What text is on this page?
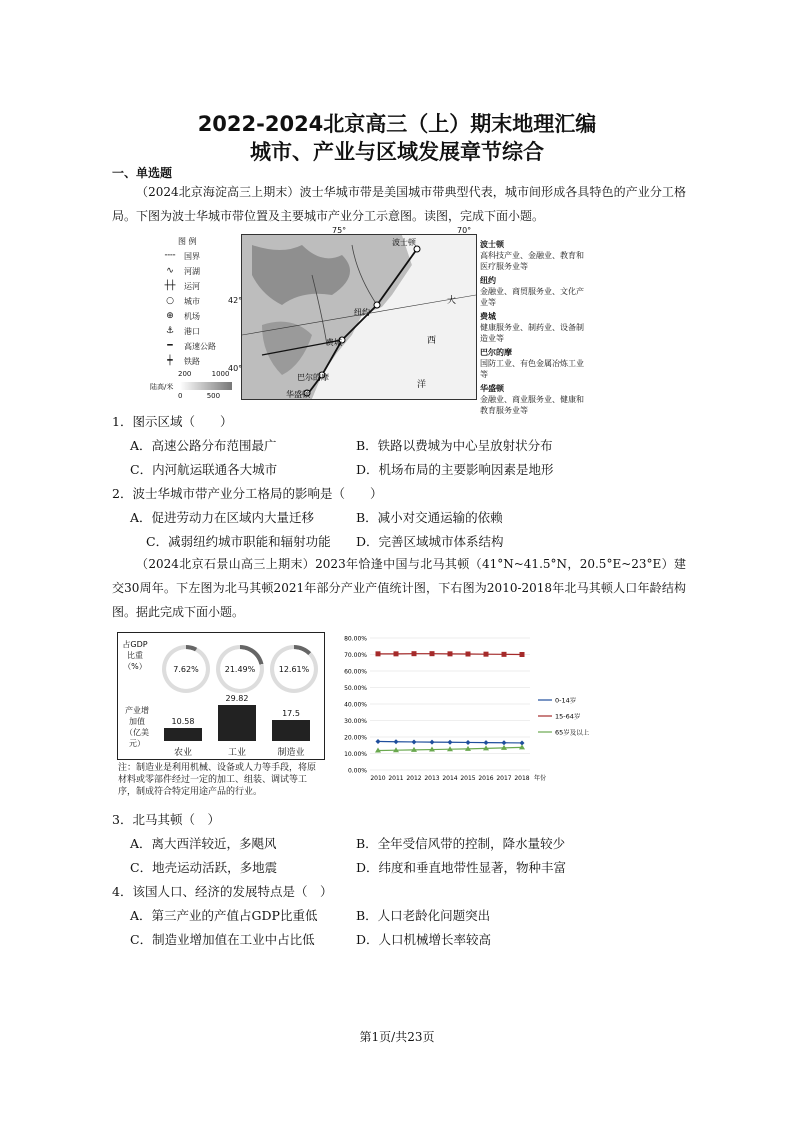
2022-2024北京高三（上）期末地理汇编
城市、产业与区域发展章节综合
一、单选题
（2024北京海淀高三上期末）波士华城市带是美国城市带典型代表，城市间形成各具特色的产业分工格局。下图为波士华城市带位置及主要城市产业分工示意图。读图，完成下面小题。
图 例
╌╌	国界
∿	河湖
┼┼	运河
○	城市
⊕	机场
⚓	港口
━	高速公路
┿	铁路
200	1000
陆高/米
0	500
波士顿
纽约
费城
巴尔的摩
华盛顿
大
西
洋
75°	70°
42°
40°
波士顿
高科技产业、金融业、教育和医疗服务业等
纽约
金融业、商贸服务业、文化产业等
费城
健康服务业、制药业、设备制造业等
巴尔的摩
国防工业、有色金属冶炼工业等
华盛顿
金融业、商业服务业、健康和教育服务业等
1．图示区域（　　）
A．高速公路分布范围最广	B．铁路以费城为中心呈放射状分布
C．内河航运联通各大城市	D．机场布局的主要影响因素是地形
2．波士华城市带产业分工格局的影响是（　　）
A．促进劳动力在区域内大量迁移	B．减小对交通运输的依赖
C．减弱纽约城市职能和辐射功能 D．完善区域城市体系结构
（2024北京石景山高三上期末）2023年恰逢中国与北马其顿（41°N~41.5°N，20.5°E~23°E）建交30周年。下左图为北马其顿2021年部分产业产值统计图，下右图为2010-2018年北马其顿人口年龄结构图。据此完成下面小题。
占GDP比重（%）
产业增加值（亿美元）
7.62%	21.49%	12.61%
10.58
29.82
17.5
农业	工业	制造业
注：制造业是利用机械、设备或人力等手段，将原材料或零部件经过一定的加工、组装、调试等工序，制成符合特定用途产品的行业。
0.00%
10.00%
20.00%
30.00%
40.00%
50.00%
60.00%
70.00%
80.00%
2010 2011 2012 2013 2014 2015 2016 2017 2018 年份
0-14岁
15-64岁
65岁及以上
3．北马其顿（　）
A．离大西洋较近，多飓风	B．全年受信风带的控制，降水量较少
C．地壳运动活跃，多地震	D．纬度和垂直地带性显著，物种丰富
4．该国人口、经济的发展特点是（　）
A．第三产业的产值占GDP比重低	B．人口老龄化问题突出
C．制造业增加值在工业中占比低	D．人口机械增长率较高
第1页/共23页
